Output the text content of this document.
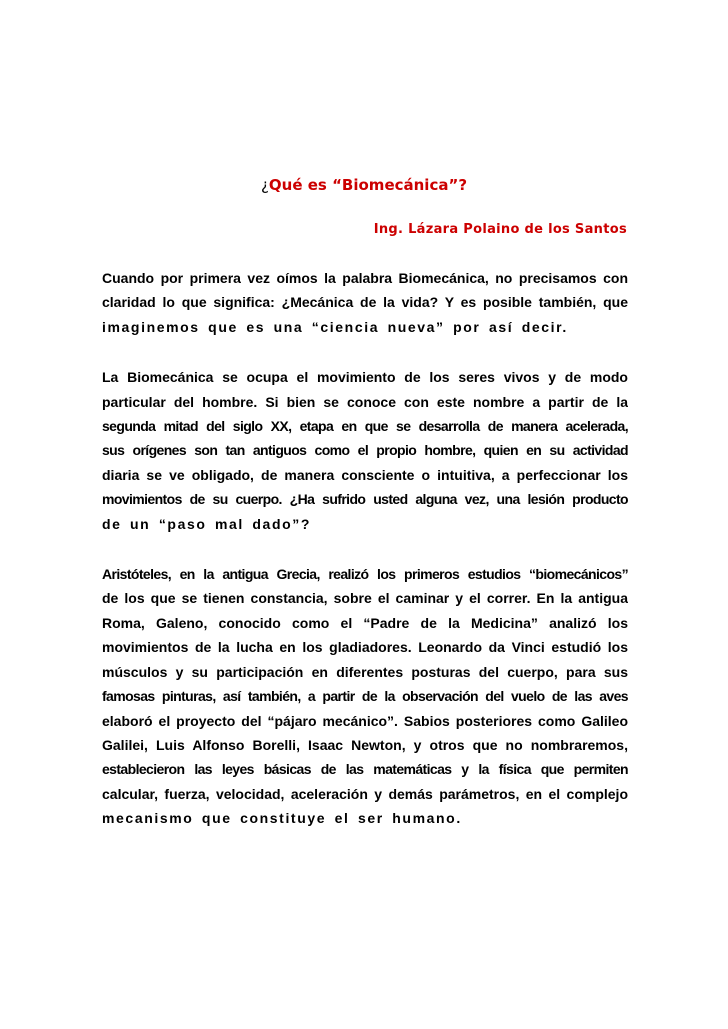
¿Qué es “Biomecánica”?
Ing. Lázara Polaino de los Santos
Cuando por primera vez oímos la palabra Biomecánica, no precisamos con
claridad lo que significa: ¿Mecánica de la vida? Y es posible también, que
imaginemos que es una “ciencia nueva” por así decir.
La Biomecánica se ocupa el movimiento de los seres vivos y de modo
particular del hombre. Si bien se conoce con este nombre a partir de la
segunda mitad del siglo XX, etapa en que se desarrolla de manera acelerada,
sus orígenes son tan antiguos como el propio hombre, quien en su actividad
diaria se ve obligado, de manera consciente o intuitiva, a perfeccionar los
movimientos de su cuerpo. ¿Ha sufrido usted alguna vez, una lesión producto
de un “paso mal dado”?
Aristóteles, en la antigua Grecia, realizó los primeros estudios “biomecánicos”
de los que se tienen constancia, sobre el caminar y el correr. En la antigua
Roma, Galeno, conocido como el “Padre de la Medicina” analizó los
movimientos de la lucha en los gladiadores. Leonardo da Vinci estudió los
músculos y su participación en diferentes posturas del cuerpo, para sus
famosas pinturas, así también, a partir de la observación del vuelo de las aves
elaboró el proyecto del “pájaro mecánico”. Sabios posteriores como Galileo
Galilei, Luis Alfonso Borelli, Isaac Newton, y otros que no nombraremos,
establecieron las leyes básicas de las matemáticas y la física que permiten
calcular, fuerza, velocidad, aceleración y demás parámetros, en el complejo
mecanismo que constituye el ser humano.
